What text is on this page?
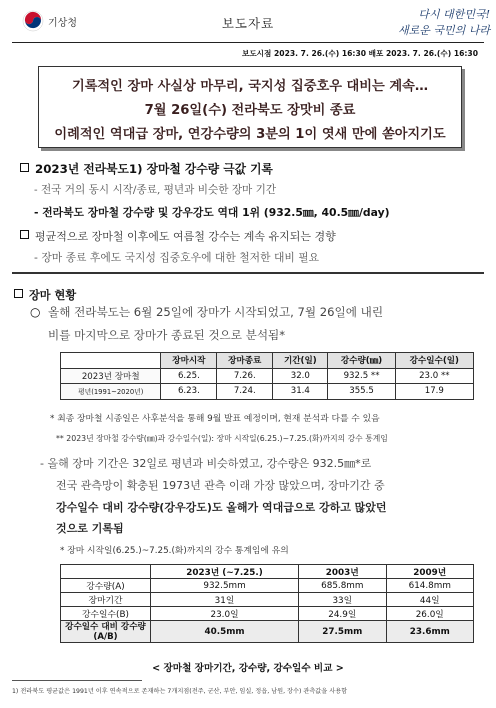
기상청	보도자료
다시 대한민국!
새로운 국민의 나라
보도시점 2023. 7. 26.(수) 16:30 배포 2023. 7. 26.(수) 16:30
기록적인 장마 사실상 마무리, 국지성 집중호우 대비는 계속…
7월 26일(수) 전라북도 장맛비 종료
이례적인 역대급 장마, 연강수량의 3분의 1이 엿새 만에 쏟아지기도
2023년 전라북도1) 장마철 강수량 극값 기록
- 전국 거의 동시 시작/종료, 평년과 비슷한 장마 기간
- 전라북도 장마철 강수량 및 강우강도 역대 1위 (932.5㎜, 40.5㎜/day)
평균적으로 장마철 이후에도 여름철 강수는 계속 유지되는 경향
- 장마 종료 후에도 국지성 집중호우에 대한 철저한 대비 필요
장마 현황
○ 올해 전라북도는 6월 25일에 장마가 시작되었고, 7월 26일에 내린
비를 마지막으로 장마가 종료된 것으로 분석됨*
	장마시작	장마종료	기간(일)	강수량(㎜)	강수일수(일)
2023년 장마철	6.25.	7.26.	32.0	932.5 **	23.0 **
평년(1991~2020년)	6.23.	7.24.	31.4	355.5	17.9
* 최종 장마철 시종일은 사후분석을 통해 9월 발표 예정이며, 현재 분석과 다를 수 있음
** 2023년 장마철 강수량(㎜)과 강수일수(일): 장마 시작일(6.25.)~7.25.(화)까지의 강수 통계임
- 올해 장마 기간은 32일로 평년과 비슷하였고, 강수량은 932.5㎜*로
전국 관측망이 확충된 1973년 관측 이래 가장 많았으며, 장마기간 중
강수일수 대비 강수량(강우강도)도 올해가 역대급으로 강하고 많았던
것으로 기록됨
* 장마 시작일(6.25.)~7.25.(화)까지의 강수 통계임에 유의
	2023년 (~7.25.)	2003년	2009년
강수량(A)	932.5mm	685.8mm	614.8mm
장마기간	31일	33일	44일
강수일수(B)	23.0일	24.9일	26.0일
강수일수 대비 강수량(A/B)	40.5mm	27.5mm	23.6mm
< 장마철 장마기간, 강수량, 강수일수 비교 >
1) 전라북도 평균값은 1991년 이후 연속적으로 존재하는 7개지점(전주, 군산, 부안, 임실, 정읍, 남원, 장수) 관측값을 사용함
